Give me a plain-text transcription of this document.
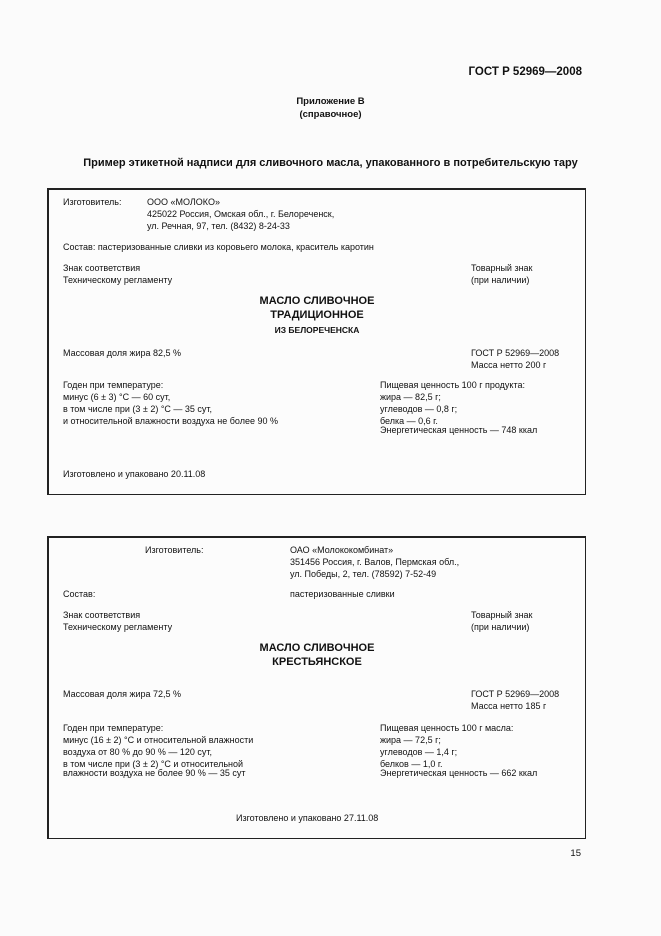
ГОСТ Р 52969—2008
Приложение В
(справочное)
Пример этикетной надписи для сливочного масла, упакованного в потребительскую тару
Изготовитель:	ООО «МОЛОКО»
425022 Россия, Омская обл., г. Белореченск,
ул. Речная, 97, тел. (8432) 8-24-33
Состав: пастеризованные сливки из коровьего молока, краситель каротин
Знак соответствия
Техническому регламенту
Товарный знак
(при наличии)
МАСЛО СЛИВОЧНОЕ
ТРАДИЦИОННОЕ
ИЗ БЕЛОРЕЧЕНСКА
Массовая доля жира 82,5 %	ГОСТ Р 52969—2008
Масса нетто 200 г
Годен при температуре:
минус (6 ± 3) °С — 60 сут,
в том числе при (3 ± 2) °С — 35 сут,
и относительной влажности воздуха не более 90 %
Пищевая ценность 100 г продукта:
жира — 82,5 г;
углеводов — 0,8 г;
белка — 0,6 г.
Энергетическая ценность — 748 ккал
Изготовлено и упаковано 20.11.08
Изготовитель:	ОАО «Молококомбинат»
351456 Россия, г. Валов, Пермская обл.,
ул. Победы, 2, тел. (78592) 7-52-49
Состав:	пастеризованные сливки
Знак соответствия
Техническому регламенту
Товарный знак
(при наличии)
МАСЛО СЛИВОЧНОЕ
КРЕСТЬЯНСКОЕ
Массовая доля жира 72,5 %	ГОСТ Р 52969—2008
Масса нетто 185 г
Годен при температуре:
минус (16 ± 2) °С и относительной влажности
воздуха от 80 % до 90 % — 120 сут,
в том числе при (3 ± 2) °С и относительной
влажности воздуха не более 90 % — 35 сут
Пищевая ценность 100 г масла:
жира — 72,5 г;
углеводов — 1,4 г;
белков — 1,0 г.
Энергетическая ценность — 662 ккал
Изготовлено и упаковано 27.11.08
15
